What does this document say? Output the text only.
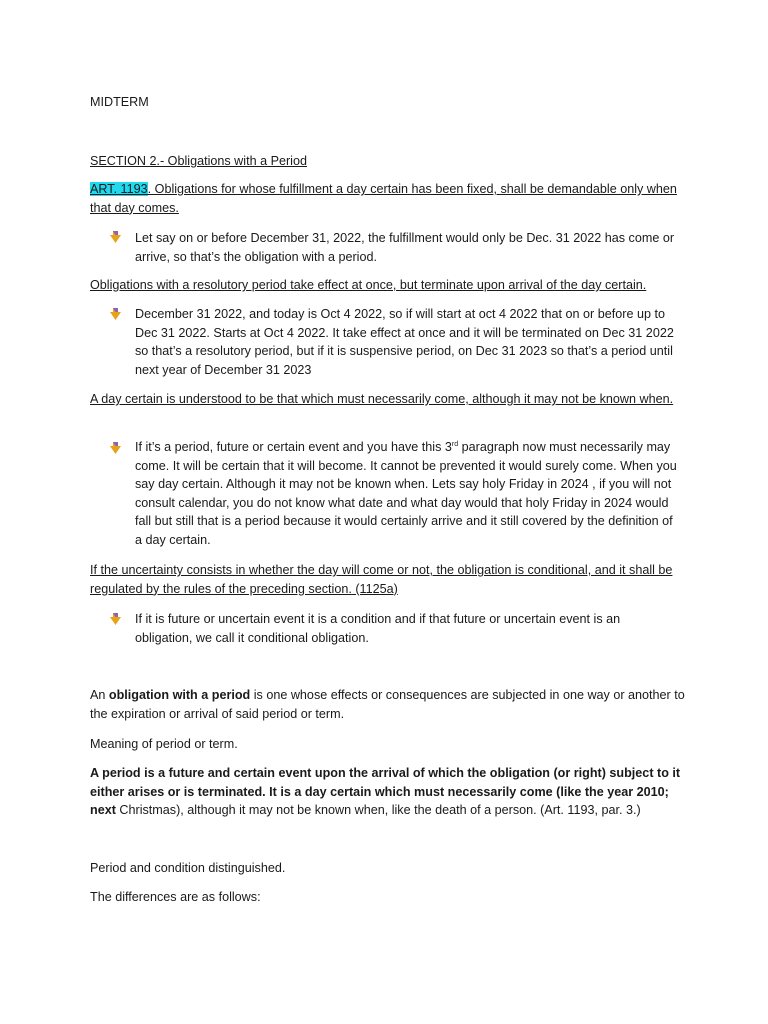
MIDTERM
SECTION 2.- Obligations with a Period

ART. 1193. Obligations for whose fulfillment a day certain has been fixed, shall be demandable only when that day comes.

Let say on or before December 31, 2022, the fulfillment would only be Dec. 31 2022 has come or arrive, so that’s the obligation with a period.

Obligations with a resolutory period take effect at once, but terminate upon arrival of the day certain.

December 31 2022, and today is Oct 4 2022, so if will start at oct 4 2022 that on or before up to Dec 31 2022. Starts at Oct 4 2022. It take effect at once and it will be terminated on Dec 31 2022 so that’s a resolutory period, but if it is suspensive period, on Dec 31 2023 so that’s a period until next year of December 31 2023

A day certain is understood to be that which must necessarily come, although it may not be known when.

If it’s a period, future or certain event and you have this 3rd paragraph now must necessarily may come. It will be certain that it will become. It cannot be prevented it would surely come. When you say day certain. Although it may not be known when. Lets say holy Friday in 2024 , if you will not consult calendar, you do not know what date and what day would that holy Friday in 2024 would fall but still that is a period because it would certainly arrive and it still covered by the definition of a day certain.

If the uncertainty consists in whether the day will come or not, the obligation is conditional, and it shall be regulated by the rules of the preceding section. (1125a)

If it is future or uncertain event it is a condition and if that future or uncertain event is an obligation, we call it conditional obligation.

An obligation with a period is one whose effects or consequences are subjected in one way or another to the expiration or arrival of said period or term.

Meaning of period or term.

A period is a future and certain event upon the arrival of which the obligation (or right) subject to it either arises or is terminated. It is a day certain which must necessarily come (like the year 2010; next Christmas), although it may not be known when, like the death of a person. (Art. 1193, par. 3.)

Period and condition distinguished.

The differences are as follows:
